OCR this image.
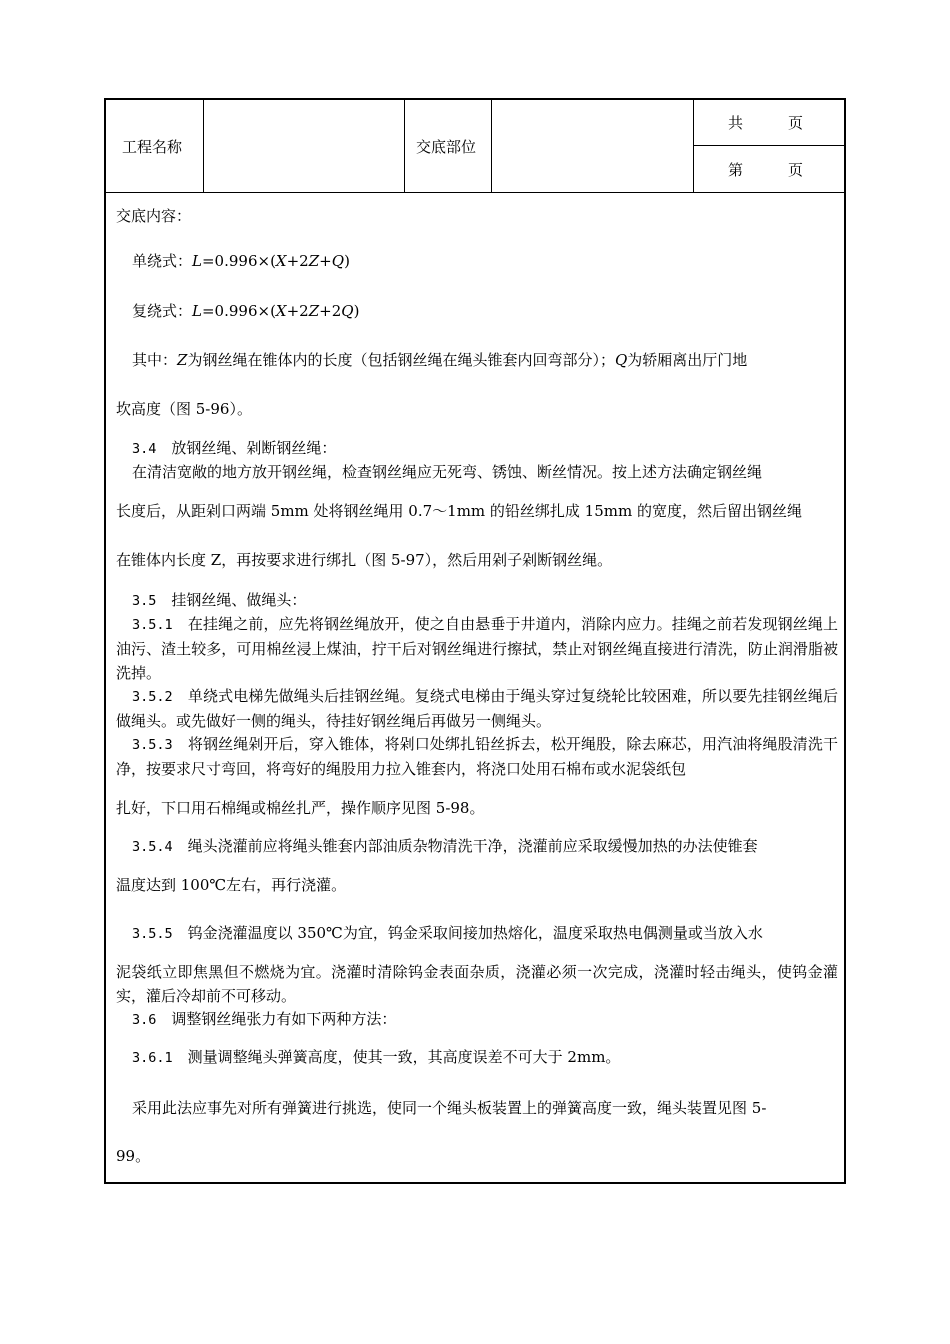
工程名称	交底部位
共　　　页
第　　　页
交底内容：
单绕式：L=0.996×(X+2Z+Q)
复绕式：L=0.996×(X+2Z+2Q)
其中：Z为钢丝绳在锥体内的长度（包括钢丝绳在绳头锥套内回弯部分）；Q为轿厢离出厅门地
坎高度（图 5-96）。
3.4　 放钢丝绳、剁断钢丝绳：
在清洁宽敞的地方放开钢丝绳，检查钢丝绳应无死弯、锈蚀、断丝情况。按上述方法确定钢丝绳
长度后，从距剁口两端 5mm 处将钢丝绳用 0.7～1mm 的铅丝绑扎成 15mm 的宽度，然后留出钢丝绳
在锥体内长度 Z，再按要求进行绑扎（图 5-97），然后用剁子剁断钢丝绳。
3.5　 挂钢丝绳、做绳头：
3.5.1　 在挂绳之前，应先将钢丝绳放开，使之自由悬垂于井道内，消除内应力。挂绳之前若发现钢丝绳上油污、渣土较多，可用棉丝浸上煤油，拧干后对钢丝绳进行擦拭，禁止对钢丝绳直接进行清洗，防止润滑脂被洗掉。
3.5.2　 单绕式电梯先做绳头后挂钢丝绳。复绕式电梯由于绳头穿过复绕轮比较困难，所以要先挂钢丝绳后做绳头。或先做好一侧的绳头，待挂好钢丝绳后再做另一侧绳头。
3.5.3　 将钢丝绳剁开后，穿入锥体，将剁口处绑扎铅丝拆去，松开绳股，除去麻芯，用汽油将绳股清洗干净，按要求尺寸弯回，将弯好的绳股用力拉入锥套内，将浇口处用石棉布或水泥袋纸包
扎好，下口用石棉绳或棉丝扎严，操作顺序见图 5-98。
3.5.4　 绳头浇灌前应将绳头锥套内部油质杂物清洗干净，浇灌前应采取缓慢加热的办法使锥套
温度达到 100℃左右，再行浇灌。
3.5.5　 钨金浇灌温度以 350℃为宜，钨金采取间接加热熔化，温度采取热电偶测量或当放入水
泥袋纸立即焦黑但不燃烧为宜。浇灌时清除钨金表面杂质，浇灌必须一次完成，浇灌时轻击绳头，使钨金灌实，灌后冷却前不可移动。
3.6　 调整钢丝绳张力有如下两种方法：
3.6.1　 测量调整绳头弹簧高度，使其一致，其高度误差不可大于 2mm。
采用此法应事先对所有弹簧进行挑选，使同一个绳头板装置上的弹簧高度一致，绳头装置见图 5-
99。
